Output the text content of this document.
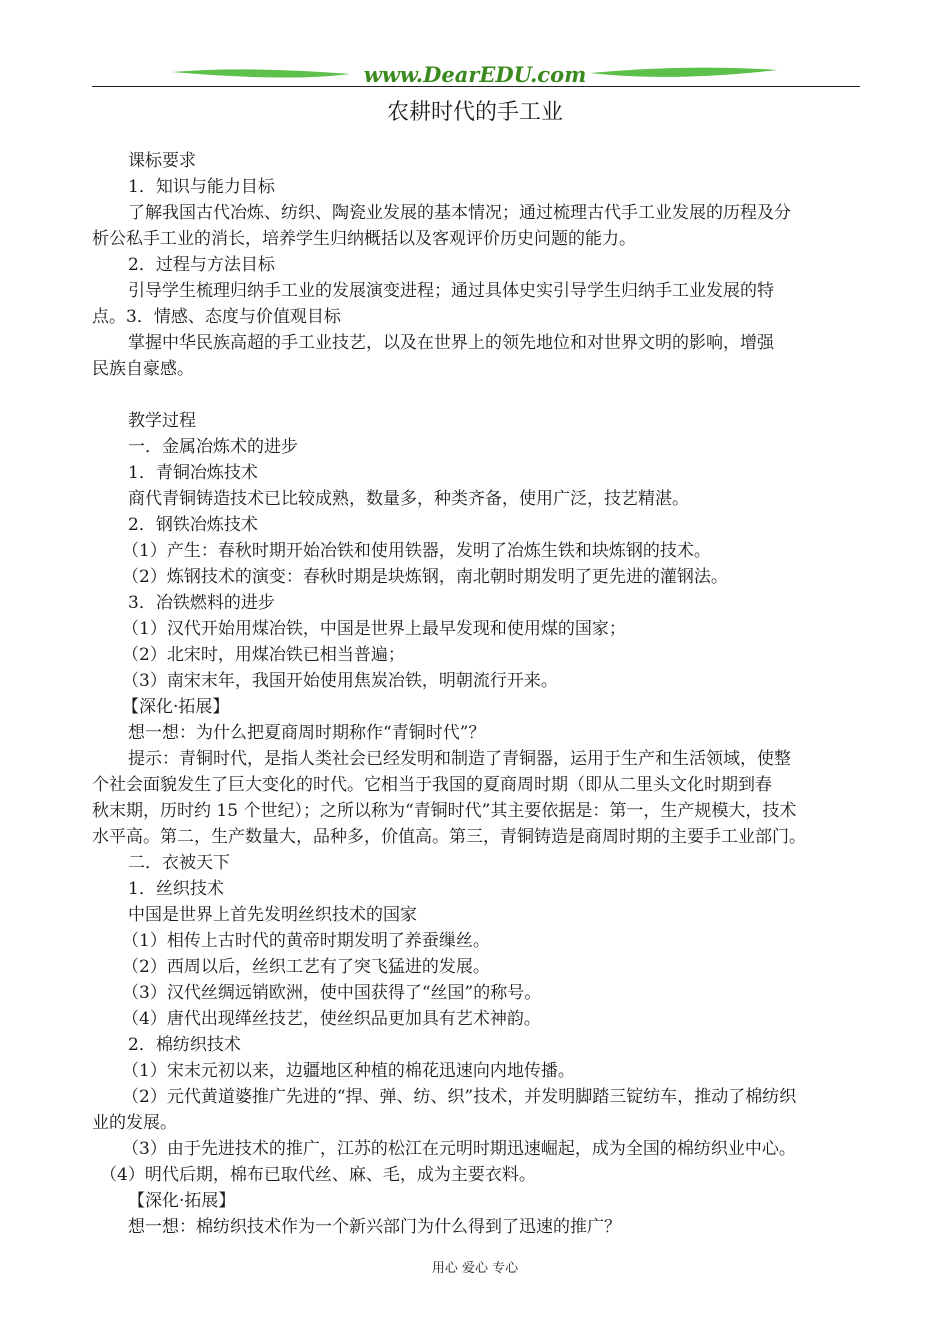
www.DearEDU.com
农耕时代的手工业
课标要求
1．知识与能力目标
了解我国古代冶炼、纺织、陶瓷业发展的基本情况；通过梳理古代手工业发展的历程及分
析公私手工业的消长，培养学生归纳概括以及客观评价历史问题的能力。
2．过程与方法目标
引导学生梳理归纳手工业的发展演变进程；通过具体史实引导学生归纳手工业发展的特
点。3．情感、态度与价值观目标
掌握中华民族高超的手工业技艺，以及在世界上的领先地位和对世界文明的影响，增强
民族自豪感。
教学过程
一．金属冶炼术的进步
1．青铜冶炼技术
商代青铜铸造技术已比较成熟，数量多，种类齐备，使用广泛，技艺精湛。
2．钢铁冶炼技术
（1）产生：春秋时期开始冶铁和使用铁器，发明了冶炼生铁和块炼钢的技术。
（2）炼钢技术的演变：春秋时期是块炼钢，南北朝时期发明了更先进的灌钢法。
3．冶铁燃料的进步
（1）汉代开始用煤冶铁，中国是世界上最早发现和使用煤的国家；
（2）北宋时，用煤冶铁已相当普遍；
（3）南宋末年，我国开始使用焦炭冶铁，明朝流行开来。
【深化·拓展】
想一想：为什么把夏商周时期称作“青铜时代”？
提示：青铜时代，是指人类社会已经发明和制造了青铜器，运用于生产和生活领域，使整
个社会面貌发生了巨大变化的时代。它相当于我国的夏商周时期（即从二里头文化时期到春
秋末期，历时约 15 个世纪）；之所以称为“青铜时代”其主要依据是：第一，生产规模大，技术
水平高。第二，生产数量大，品种多，价值高。第三，青铜铸造是商周时期的主要手工业部门。
二．衣被天下
1．丝织技术
中国是世界上首先发明丝织技术的国家
（1）相传上古时代的黄帝时期发明了养蚕缫丝。
（2）西周以后，丝织工艺有了突飞猛进的发展。
（3）汉代丝绸远销欧洲，使中国获得了“丝国”的称号。
（4）唐代出现缂丝技艺，使丝织品更加具有艺术神韵。
2．棉纺织技术
（1）宋末元初以来，边疆地区种植的棉花迅速向内地传播。
（2）元代黄道婆推广先进的“捍、弹、纺、织”技术，并发明脚踏三锭纺车，推动了棉纺织
业的发展。
（3）由于先进技术的推广，江苏的松江在元明时期迅速崛起，成为全国的棉纺织业中心。
（4）明代后期，棉布已取代丝、麻、毛，成为主要衣料。
【深化·拓展】
想一想：棉纺织技术作为一个新兴部门为什么得到了迅速的推广？
用心 爱心 专心
